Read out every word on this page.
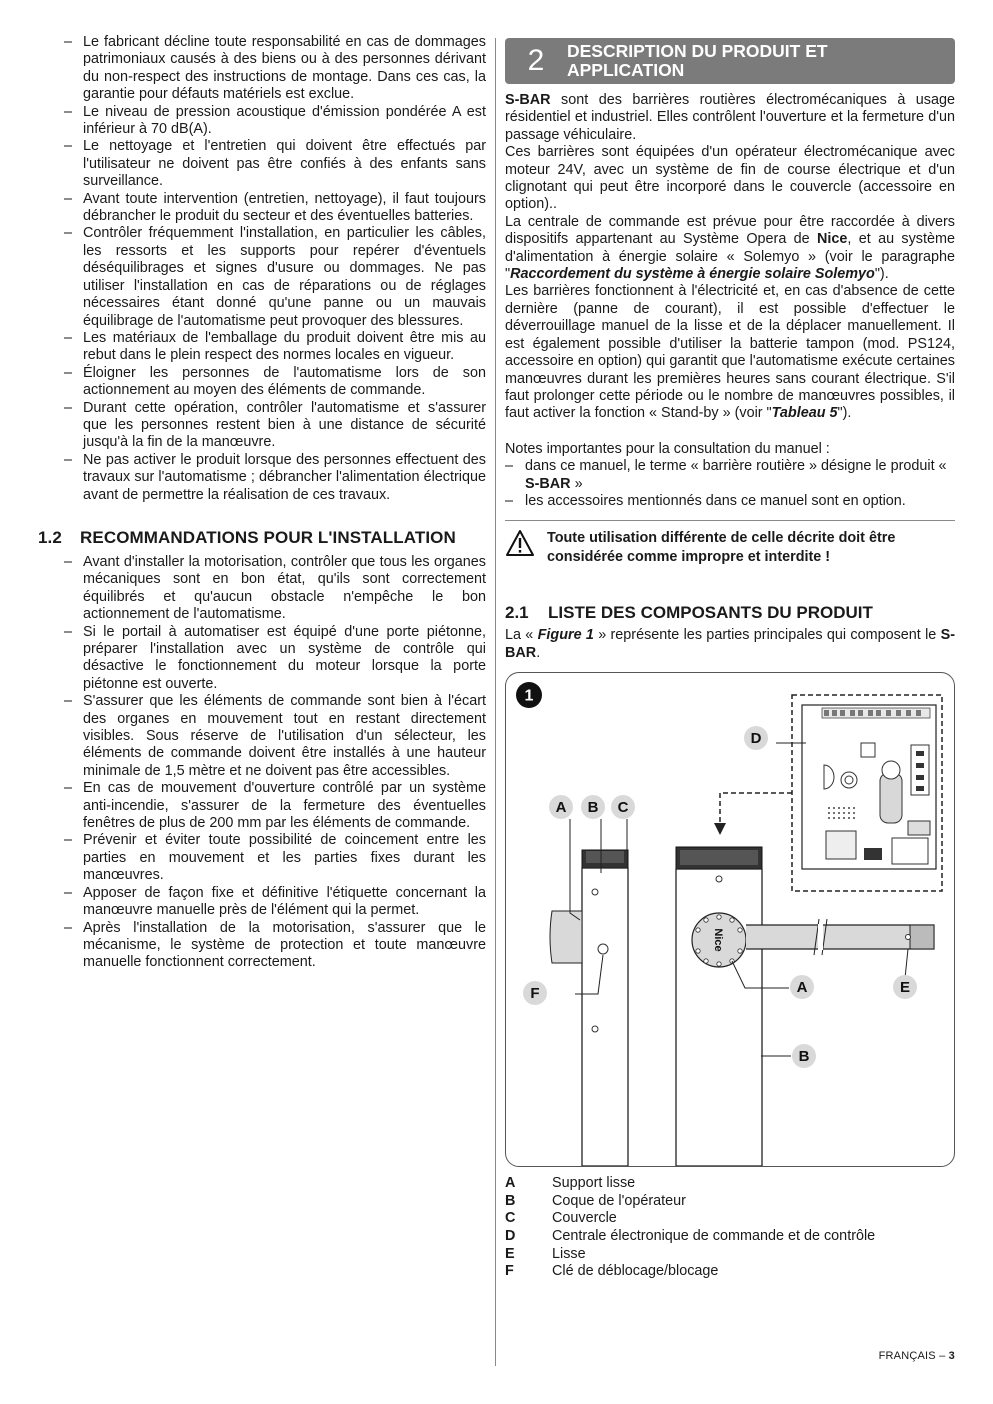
– Le fabricant décline toute responsabilité en cas de dommages patrimoniaux causés à des biens ou à des personnes dérivant du non-respect des instructions de montage. Dans ces cas, la garantie pour défauts matériels est exclue.
– Le niveau de pression acoustique d'émission pondérée A est inférieur à 70 dB(A).
– Le nettoyage et l'entretien qui doivent être effectués par l'utilisateur ne doivent pas être confiés à des enfants sans surveillance.
– Avant toute intervention (entretien, nettoyage), il faut toujours débrancher le produit du secteur et des éventuelles batteries.
– Contrôler fréquemment l'installation, en particulier les câbles, les ressorts et les supports pour repérer d'éventuels déséquilibrages et signes d'usure ou dommages. Ne pas utiliser l'installation en cas de réparations ou de réglages nécessaires étant donné qu'une panne ou un mauvais équilibrage de l'automatisme peut provoquer des blessures.
– Les matériaux de l'emballage du produit doivent être mis au rebut dans le plein respect des normes locales en vigueur.
– Éloigner les personnes de l'automatisme lors de son actionnement au moyen des éléments de commande.
– Durant cette opération, contrôler l'automatisme et s'assurer que les personnes restent bien à une distance de sécurité jusqu'à la fin de la manœuvre.
– Ne pas activer le produit lorsque des personnes effectuent des travaux sur l'automatisme ; débrancher l'alimentation électrique avant de permettre la réalisation de ces travaux.
1.2	RECOMMANDATIONS POUR L'INSTALLATION
– Avant d'installer la motorisation, contrôler que tous les organes mécaniques sont en bon état, qu'ils sont correctement équilibrés et qu'aucun obstacle n'empêche le bon actionnement de l'automatisme.
– Si le portail à automatiser est équipé d'une porte piétonne, préparer l'installation avec un système de contrôle qui désactive le fonctionnement du moteur lorsque la porte piétonne est ouverte.
– S'assurer que les éléments de commande sont bien à l'écart des organes en mouvement tout en restant directement visibles. Sous réserve de l'utilisation d'un sélecteur, les éléments de commande doivent être installés à une hauteur minimale de 1,5 mètre et ne doivent pas être accessibles.
– En cas de mouvement d'ouverture contrôlé par un système anti-incendie, s'assurer de la fermeture des éventuelles fenêtres de plus de 200 mm par les éléments de commande.
– Prévenir et éviter toute possibilité de coincement entre les parties en mouvement et les parties fixes durant les manœuvres.
– Apposer de façon fixe et définitive l'étiquette concernant la manœuvre manuelle près de l'élément qui la permet.
– Après l'installation de la motorisation, s'assurer que le mécanisme, le système de protection et toute manœuvre manuelle fonctionnent correctement.
2	DESCRIPTION DU PRODUIT ET
APPLICATION

S-BAR sont des barrières routières électromécaniques à usage résidentiel et industriel. Elles contrôlent l'ouverture et la fermeture d'un passage véhiculaire.

Ces barrières sont équipées d'un opérateur électromécanique avec moteur 24V, avec un système de fin de course électrique et d'un clignotant qui peut être incorporé dans le couvercle (accessoire en option)..

La centrale de commande est prévue pour être raccordée à divers dispositifs appartenant au Système Opera de Nice, et au système d'alimentation à énergie solaire « Solemyo » (voir le paragraphe "Raccordement du système à énergie solaire Solemyo").

Les barrières fonctionnent à l'électricité et, en cas d'absence de cette dernière (panne de courant), il est possible d'effectuer le déverrouillage manuel de la lisse et de la déplacer manuellement. Il est également possible d'utiliser la batterie tampon (mod. PS124, accessoire en option) qui garantit que l'automatisme exécute certaines manœuvres durant les premières heures sans courant électrique. S'il faut prolonger cette période ou le nombre de manœuvres possibles, il faut activer la fonction « Stand-by » (voir "Tableau 5").

Notes importantes pour la consultation du manuel :
– dans ce manuel, le terme « barrière routière » désigne le produit « S-BAR »
– les accessoires mentionnés dans ce manuel sont en option.
Toute utilisation différente de celle décrite doit être
considérée comme impropre et interdite !
2.1	LISTE DES COMPOSANTS DU PRODUIT

La « Figure 1 » représente les parties principales qui composent le S-BAR.

1
Nice
D
A B C
F	A	E
B
A	Support lisse
B	Coque de l'opérateur
C	Couvercle
D	Centrale électronique de commande et de contrôle
E	Lisse
F	Clé de déblocage/blocage
FRANÇAIS – 3
